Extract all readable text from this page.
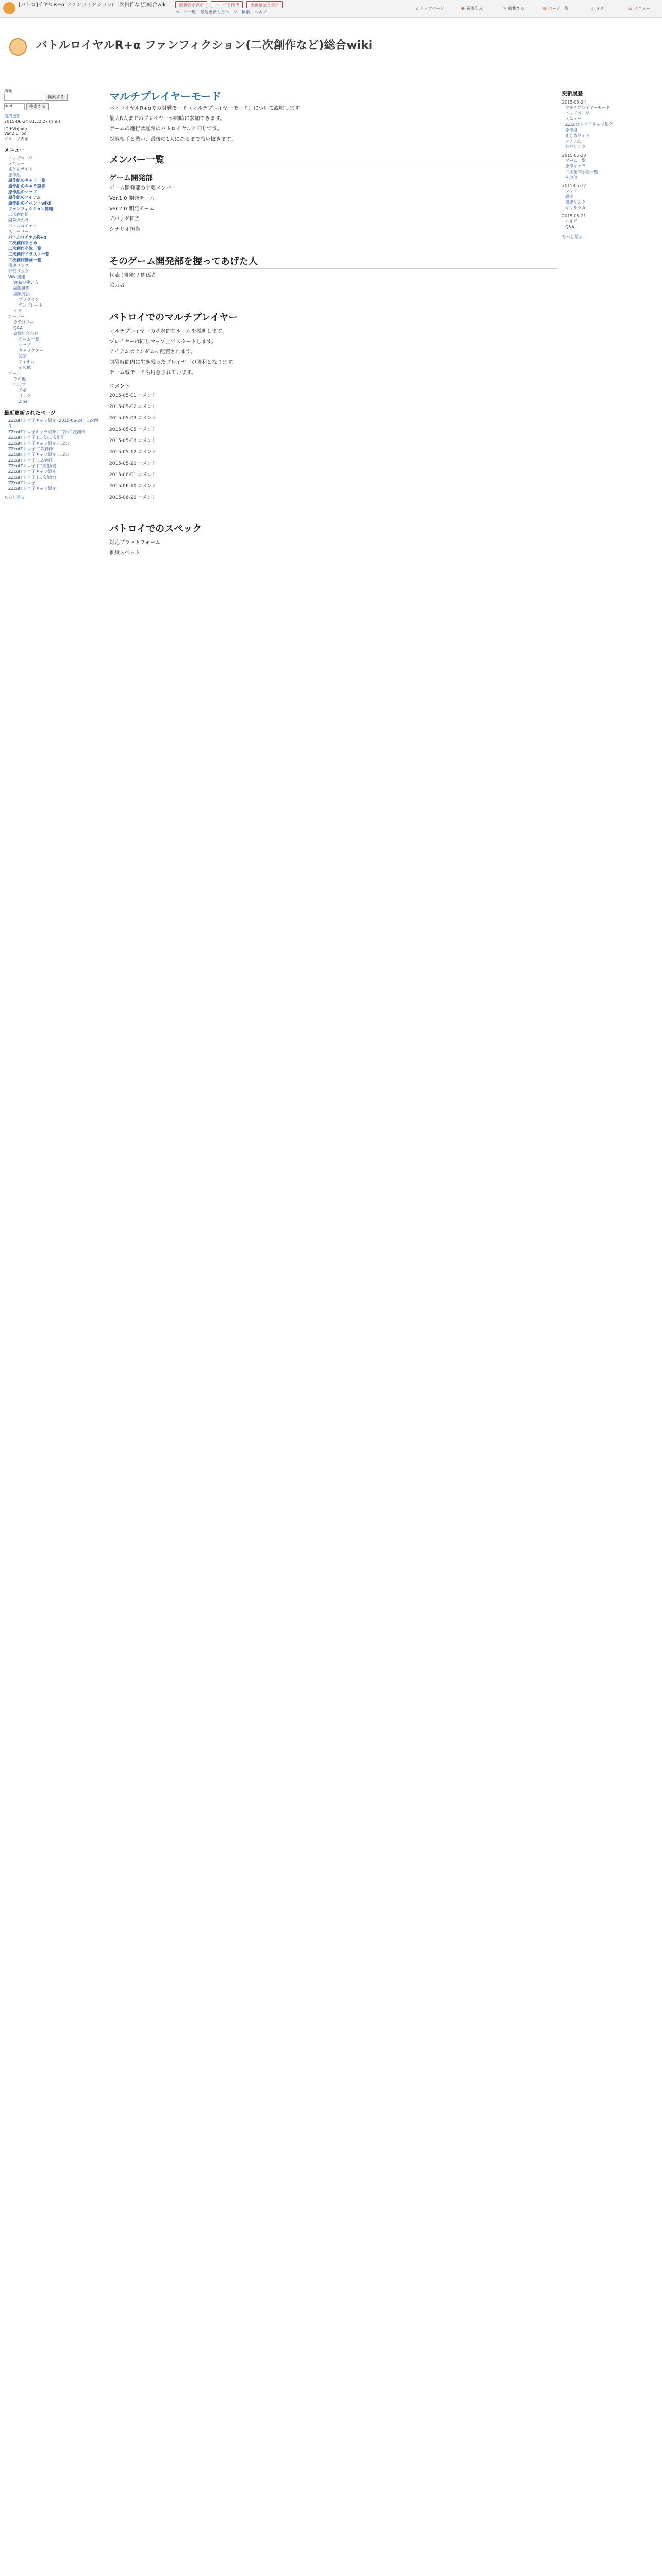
[バトロ]イヤルR+α ファンフィクション(二次創作など)総合wiki	最新版を表示	ページを作成	更新履歴を表示
ページ一覧 最近更新したページ 検索 ヘルプ
⌂ トップページ	✚ 新規作成	✎ 編集する	▤ ページ一覧	# タグ	☰ メニュー
バトルロイヤルR+α ファンフィクション(二次創作など)総合wiki
検索
検索する
and	検索する
最終更新
2015-06-24 01:32:27 (Thu)
ID:hVhJbdo
Ver.2.0 Tool
グループ表示
メニュー
トップページ
メニュー
まとめサイト
原作組
原作組のキャラ一覧
原作組のキャラ設定
原作組のマップ
原作組のアイテム
原作組のイベントwiki
ファンフィクション関連
二次創作組
組み合わせ
バトルロイヤル
ストーリー
バトルロイヤルR+α
二次創作まとめ
二次創作小説一覧
二次創作イラスト一覧
二次創作動画一覧
関連リンク
外部リンク
Wiki関連
Wikiの使い方
編集練習
編集方法
プラグイン
テンプレート
メモ
ユーザー
カテゴリー
Q&A
お問い合わせ
ゲーム一覧
マップ
キャラクター
設定
アイテム
その他
ツール
その他
ヘルプ
メモ
リンク
Zine
最近更新されたページ
ZZcutTトロ子キャラ紹介 (2015-06-24) 二次創作
ZZcutTトロ子キャラ紹介 (二次)二次創作
ZZcutTトロ子 (二次)二次創作
ZZcutTトロ子キャラ紹介 (二次)
ZZcutTトロ子 二次創作
ZZcutTトロ子キャラ紹介 (二次)
ZZcutTトロ子 二次創作
ZZcutTトロ子 (二次創作)
ZZcutTトロ子キャラ紹介
ZZcutTトロ子 (二次創作)
ZZcutTトロ子
ZZcutTトロ子キャラ紹介
もっと見る
マルチプレイヤーモード
バトロイヤルR+αでの対戦モード（マルチプレイヤーモード）について説明します。
最大8人までのプレイヤーが同時に参加できます。
ゲームの進行は通常のバトロイヤルと同じです。
対戦相手と戦い、最後の1人になるまで戦い抜きます。
メンバー一覧
ゲーム開発部
ゲーム開発部の主要メンバー
Ver.1.0 開発チーム
Ver.2.0 開発チーム
デバッグ担当
シナリオ担当
そのゲーム開発部を握ってあげた人
代表 (開発) / 関係者
協力者
バトロイでのマルチプレイヤー
マルチプレイヤーの基本的なルールを説明します。
プレイヤーは同じマップ上でスタートします。
アイテムはランダムに配置されます。
制限時間内に生き残ったプレイヤーが勝利となります。
チーム戦モードも用意されています。
コメント
2015-05-01 コメント
2015-05-02 コメント
2015-05-03 コメント
2015-05-05 コメント
2015-05-08 コメント
2015-05-12 コメント
2015-05-20 コメント
2015-06-01 コメント
2015-06-10 コメント
2015-06-20 コメント
バトロイでのスペック
対応プラットフォーム
推奨スペック
更新履歴
2015-06-24
マルチプレイヤーモード
トップページ
メニュー
ZZcutTトロ子キャラ紹介
原作組
まとめサイト
アイテム
外部リンク
2015-06-23
ゲーム一覧
原作キャラ
二次創作小説一覧
その他
2015-06-22
マップ
設定
関連リンク
キャラクター
2015-06-21
ヘルプ
Q&A
もっと見る
